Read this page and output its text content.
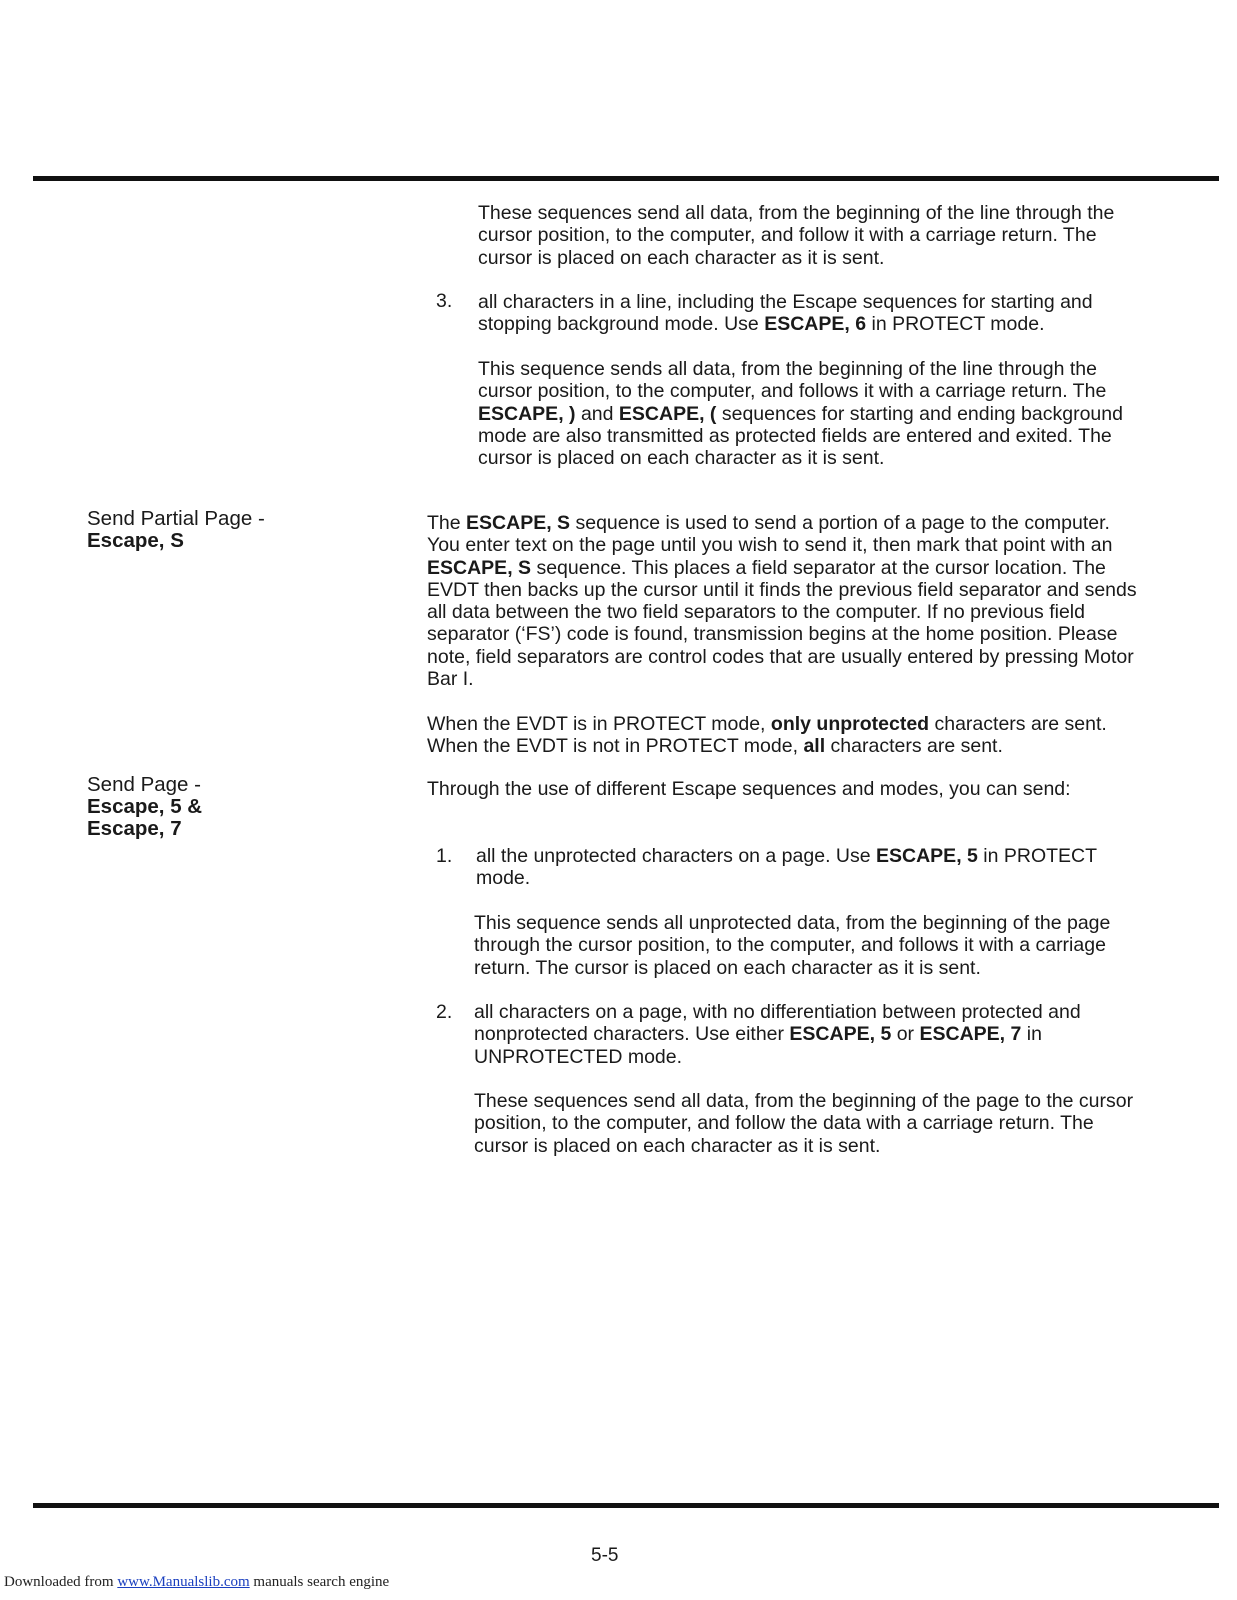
These sequences send all data, from the beginning of the line through the cursor position, to the computer, and follow it with a carriage return. The cursor is placed on each character as it is sent.

3. all characters in a line, including the Escape sequences for starting and stopping background mode. Use ESCAPE, 6 in PROTECT mode.

This sequence sends all data, from the beginning of the line through the cursor position, to the computer, and follows it with a carriage return. The ESCAPE, ) and ESCAPE, ( sequences for starting and ending background mode are also transmitted as protected fields are entered and exited. The cursor is placed on each character as it is sent.

Send Partial Page -
Escape, S

The ESCAPE, S sequence is used to send a portion of a page to the computer. You enter text on the page until you wish to send it, then mark that point with an ESCAPE, S sequence. This places a field separator at the cursor location. The EVDT then backs up the cursor until it finds the previous field separator and sends all data between the two field separators to the computer. If no previous field separator (‘FS’) code is found, transmission begins at the home position. Please note, field separators are control codes that are usually entered by pressing Motor Bar I.

When the EVDT is in PROTECT mode, only unprotected characters are sent. When the EVDT is not in PROTECT mode, all characters are sent.

Send Page -
Escape, 5 &
Escape, 7

Through the use of different Escape sequences and modes, you can send:

1. all the unprotected characters on a page. Use ESCAPE, 5 in PROTECT mode.

This sequence sends all unprotected data, from the beginning of the page through the cursor position, to the computer, and follows it with a carriage return. The cursor is placed on each character as it is sent.

2. all characters on a page, with no differentiation between protected and nonprotected characters. Use either ESCAPE, 5 or ESCAPE, 7 in UNPROTECTED mode.

These sequences send all data, from the beginning of the page to the cursor position, to the computer, and follow the data with a carriage return. The cursor is placed on each character as it is sent.

5-5
Downloaded from www.Manualslib.com manuals search engine
